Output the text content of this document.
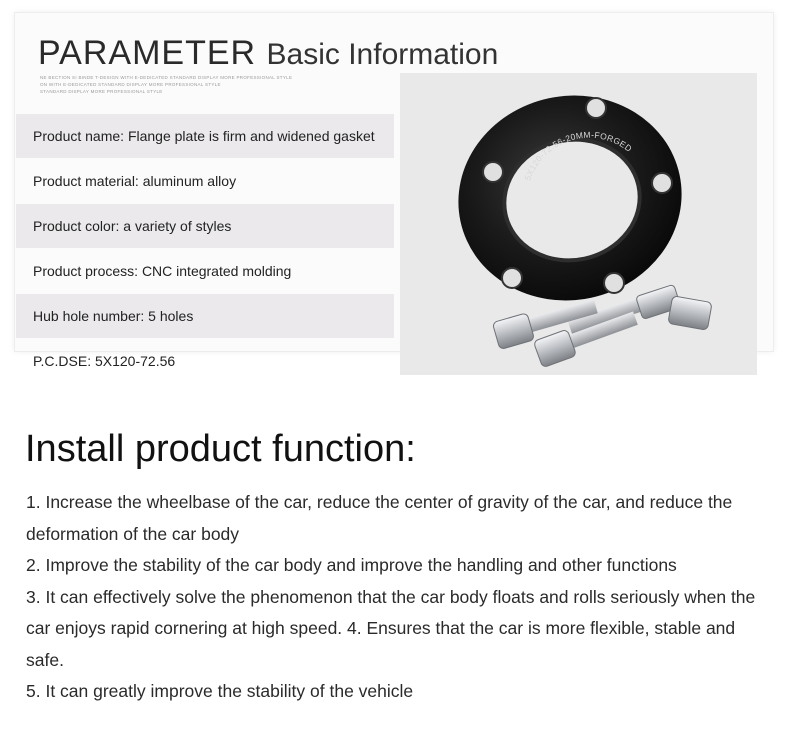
PARAMETER Basic Information
NE BECTION SI BINDE T-DESIGN WITH E-DEDICATED STANDARD DISPLAY MORE PROFESSIONAL STYLE
ON WITH E-DEDICATED STANDARD DISPLAY MORE PROFESSIONAL STYLE
STANDARD DISPLAY MORE PROFESSIONAL STYLE
Product name: Flange plate is firm and widened gasket
Product material: aluminum alloy
Product color: a variety of styles
Product process: CNC integrated molding
Hub hole number: 5 holes
P.C.DSE: 5X120-72.56
5X120-72.56-20MM-FORGED
Install product function:

1. Increase the wheelbase of the car, reduce the center of gravity of the car, and reduce the deformation of the car body

2. Improve the stability of the car body and improve the handling and other functions

3. It can effectively solve the phenomenon that the car body floats and rolls seriously when the car enjoys rapid cornering at high speed. 4. Ensures that the car is more flexible, stable and safe.

5. It can greatly improve the stability of the vehicle
